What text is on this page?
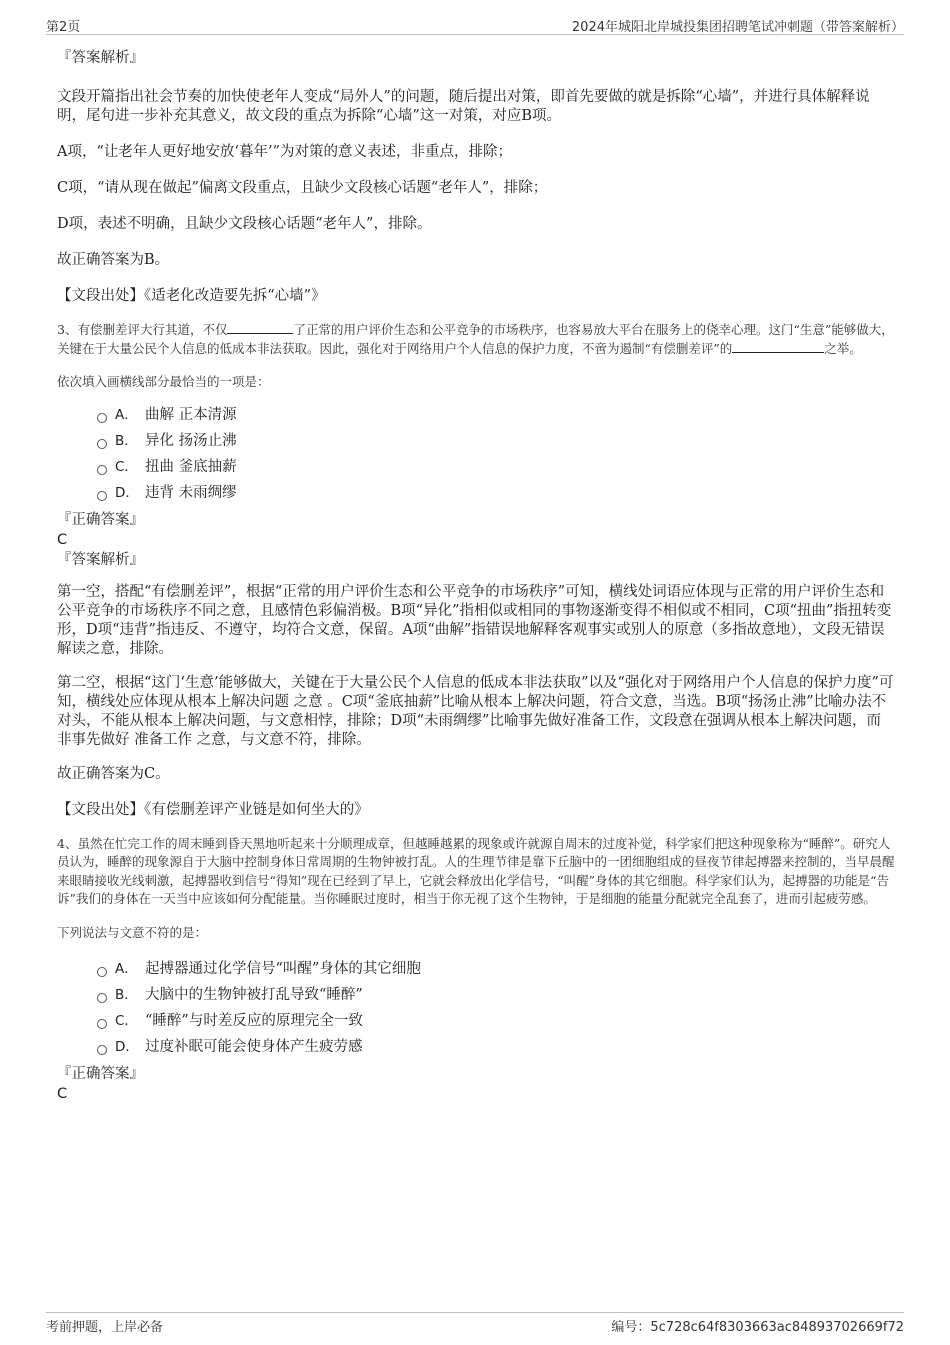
第2页	2024年城阳北岸城投集团招聘笔试冲刺题（带答案解析）

『答案解析』

文段开篇指出社会节奏的加快使老年人变成“局外人”的问题，随后提出对策，即首先要做的就是拆除“心墙”，并进行具体解释说明，尾句进一步补充其意义，故文段的重点为拆除“心墙”这一对策，对应B项。

A项，“让老年人更好地安放‘暮年’”为对策的意义表述，非重点，排除；

C项，“请从现在做起”偏离文段重点，且缺少文段核心话题“老年人”，排除；

D项，表述不明确，且缺少文段核心话题“老年人”，排除。

故正确答案为B。

【文段出处】《适老化改造要先拆“心墙”》

3、有偿删差评大行其道，不仅	了正常的用户评价生态和公平竞争的市场秩序，也容易放大平台在服务上的侥幸心理。这门“生意”能够做大，关键在于大量公民个人信息的低成本非法获取。因此，强化对于网络用户个人信息的保护力度，不啻为遏制“有偿删差评”的	之举。

依次填入画横线部分最恰当的一项是：

A． 曲解 正本清源
B． 异化 扬汤止沸
C． 扭曲 釜底抽薪
D． 违背 未雨绸缪

『正确答案』

C

『答案解析』

第一空，搭配“有偿删差评”，根据“正常的用户评价生态和公平竞争的市场秩序”可知，横线处词语应体现与正常的用户评价生态和公平竞争的市场秩序不同之意，且感情色彩偏消极。B项“异化”指相似或相同的事物逐渐变得不相似或不相同，C项“扭曲”指扭转变形，D项“违背”指违反、不遵守，均符合文意，保留。A项“曲解”指错误地解释客观事实或别人的原意（多指故意地），文段无错误解读之意，排除。

第二空，根据“这门‘生意’能够做大，关键在于大量公民个人信息的低成本非法获取”以及“强化对于网络用户个人信息的保护力度”可知，横线处应体现从根本上解决问题 之意 。C项“釜底抽薪”比喻从根本上解决问题，符合文意，当选。B项“扬汤止沸”比喻办法不对头，不能从根本上解决问题，与文意相悖，排除；D项“未雨绸缪”比喻事先做好准备工作，文段意在强调从根本上解决问题，而非事先做好 准备工作 之意，与文意不符，排除。

故正确答案为C。

【文段出处】《有偿删差评产业链是如何坐大的》

4、虽然在忙完工作的周末睡到昏天黑地听起来十分顺理成章，但越睡越累的现象或许就源自周末的过度补觉，科学家们把这种现象称为“睡醉”。研究人员认为，睡醉的现象源自于大脑中控制身体日常周期的生物钟被打乱。人的生理节律是靠下丘脑中的一团细胞组成的昼夜节律起搏器来控制的，当早晨醒来眼睛接收光线刺激，起搏器收到信号“得知”现在已经到了早上，它就会释放出化学信号，“叫醒”身体的其它细胞。科学家们认为，起搏器的功能是“告诉”我们的身体在一天当中应该如何分配能量。当你睡眠过度时，相当于你无视了这个生物钟，于是细胞的能量分配就完全乱套了，进而引起疲劳感。

下列说法与文意不符的是：

A． 起搏器通过化学信号“叫醒”身体的其它细胞
B． 大脑中的生物钟被打乱导致“睡醉”
C． “睡醉”与时差反应的原理完全一致
D． 过度补眠可能会使身体产生疲劳感

『正确答案』

C

考前押题，上岸必备	编号：5c728c64f8303663ac84893702669f72
